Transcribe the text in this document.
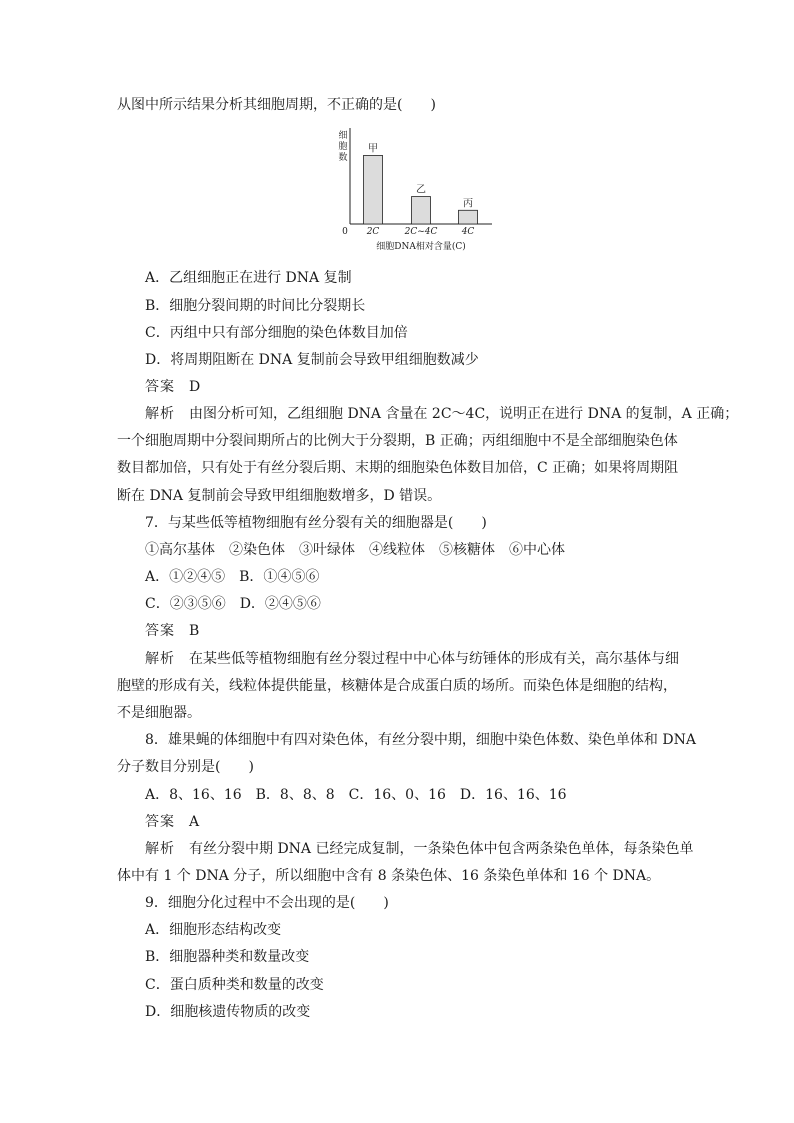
从图中所示结果分析其细胞周期，不正确的是(　　)
细
胞
数
0
甲
2C
乙
2C~4C
丙
4C
细胞DNA相对含量(C)
A．乙组细胞正在进行 DNA 复制
B．细胞分裂间期的时间比分裂期长
C．丙组中只有部分细胞的染色体数目加倍
D．将周期阻断在 DNA 复制前会导致甲组细胞数减少
答案 D
解析 由图分析可知，乙组细胞 DNA 含量在 2C～4C，说明正在进行 DNA 的复制，A 正确；
一个细胞周期中分裂间期所占的比例大于分裂期，B 正确；丙组细胞中不是全部细胞染色体
数目都加倍，只有处于有丝分裂后期、末期的细胞染色体数目加倍，C 正确；如果将周期阻
断在 DNA 复制前会导致甲组细胞数增多，D 错误。
7．与某些低等植物细胞有丝分裂有关的细胞器是(　　)
①高尔基体　②染色体　③叶绿体　④线粒体　⑤核糖体　⑥中心体
A．①②④⑤　B．①④⑤⑥
C．②③⑤⑥　D．②④⑤⑥
答案 B
解析 在某些低等植物细胞有丝分裂过程中中心体与纺锤体的形成有关，高尔基体与细
胞壁的形成有关，线粒体提供能量，核糖体是合成蛋白质的场所。而染色体是细胞的结构，
不是细胞器。
8．雄果蝇的体细胞中有四对染色体，有丝分裂中期，细胞中染色体数、染色单体和 DNA
分子数目分别是(　　)
A．8、16、16　B．8、8、8　C．16、0、16　D．16、16、16
答案 A
解析 有丝分裂中期 DNA 已经完成复制，一条染色体中包含两条染色单体，每条染色单
体中有 1 个 DNA 分子，所以细胞中含有 8 条染色体、16 条染色单体和 16 个 DNA。
9．细胞分化过程中不会出现的是(　　)
A．细胞形态结构改变
B．细胞器种类和数量改变
C．蛋白质种类和数量的改变
D．细胞核遗传物质的改变
